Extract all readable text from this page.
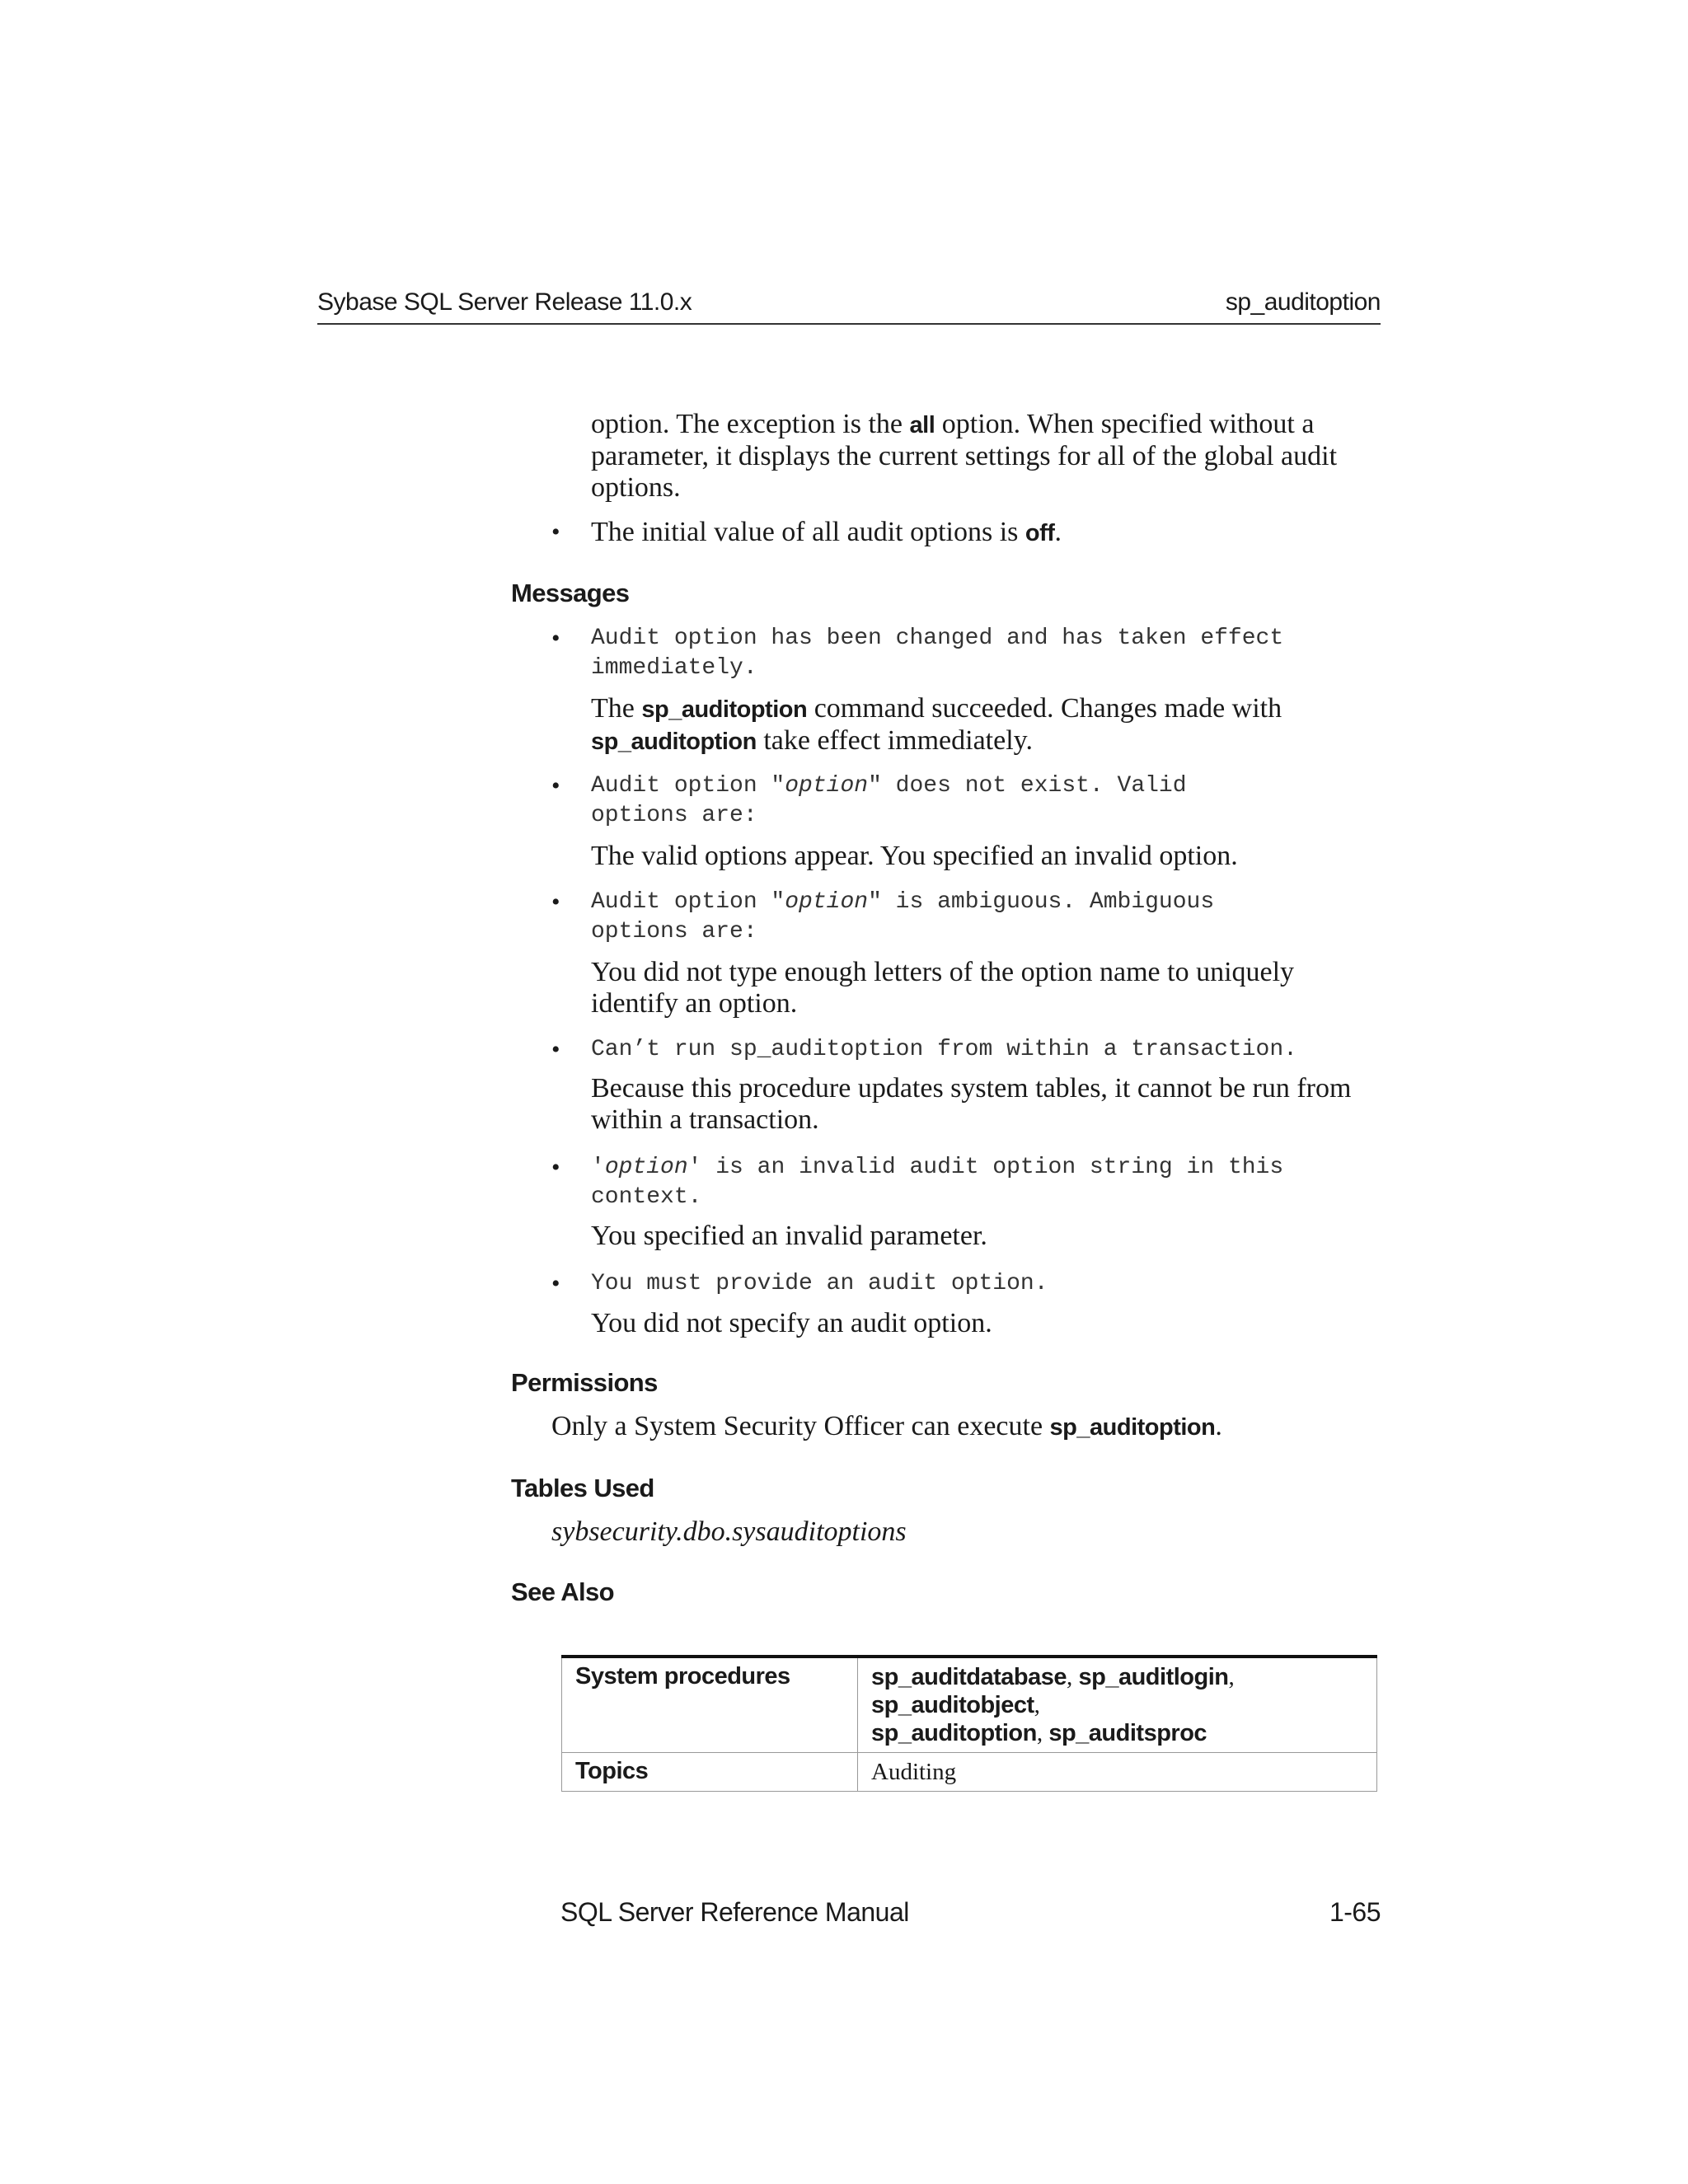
Sybase SQL Server Release 11.0.x	sp_auditoption
option. The exception is the all option. When specified without a parameter, it displays the current settings for all of the global audit options.
• The initial value of all audit options is off.
Messages
• Audit option has been changed and has taken effect immediately.
The sp_auditoption command succeeded. Changes made with sp_auditoption take effect immediately.
• Audit option "option" does not exist. Valid options are:
The valid options appear. You specified an invalid option.
• Audit option "option" is ambiguous. Ambiguous options are:
You did not type enough letters of the option name to uniquely identify an option.
• Can’t run sp_auditoption from within a transaction.
Because this procedure updates system tables, it cannot be run from within a transaction.
• 'option' is an invalid audit option string in this context.
You specified an invalid parameter.
• You must provide an audit option.
You did not specify an audit option.
Permissions
Only a System Security Officer can execute sp_auditoption.
Tables Used
sybsecurity.dbo.sysauditoptions
See Also
System procedures	sp_auditdatabase, sp_auditlogin, sp_auditobject,
sp_auditoption, sp_auditsproc
Topics	Auditing
SQL Server Reference Manual	1-65
